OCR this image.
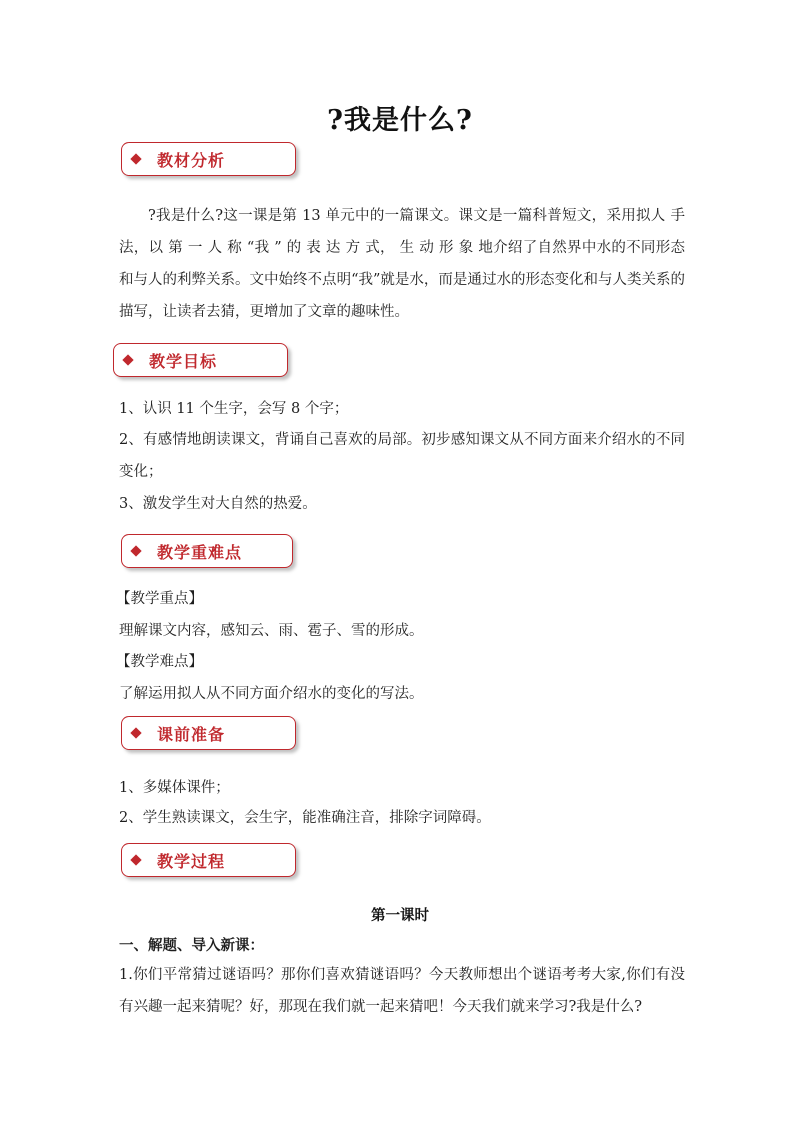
?我是什么?
教材分析
?我是什么?这一课是第 13 单元中的一篇课文。课文是一篇科普短文，采用拟人 手 法，以 第 一 人 称 “我 ” 的 表 达 方 式， 生 动 形 象 地介绍了自然界中水的不同形态和与人的利弊关系。文中始终不点明“我”就是水，而是通过水的形态变化和与人类关系的描写，让读者去猜，更增加了文章的趣味性。
教学目标
1、认识 11 个生字，会写 8 个字；
2、有感情地朗读课文，背诵自己喜欢的局部。初步感知课文从不同方面来介绍水的不同变化；
3、激发学生对大自然的热爱。
教学重难点
【教学重点】
理解课文内容，感知云、雨、雹子、雪的形成。
【教学难点】
了解运用拟人从不同方面介绍水的变化的写法。
课前准备
1、多媒体课件；
2、学生熟读课文，会生字，能准确注音，排除字词障碍。
教学过程
第一课时
一、解题、导入新课：
1.你们平常猜过谜语吗？那你们喜欢猜谜语吗？今天教师想出个谜语考考大家,你们有没有兴趣一起来猜呢？好，那现在我们就一起来猜吧！今天我们就来学习?我是什么?
